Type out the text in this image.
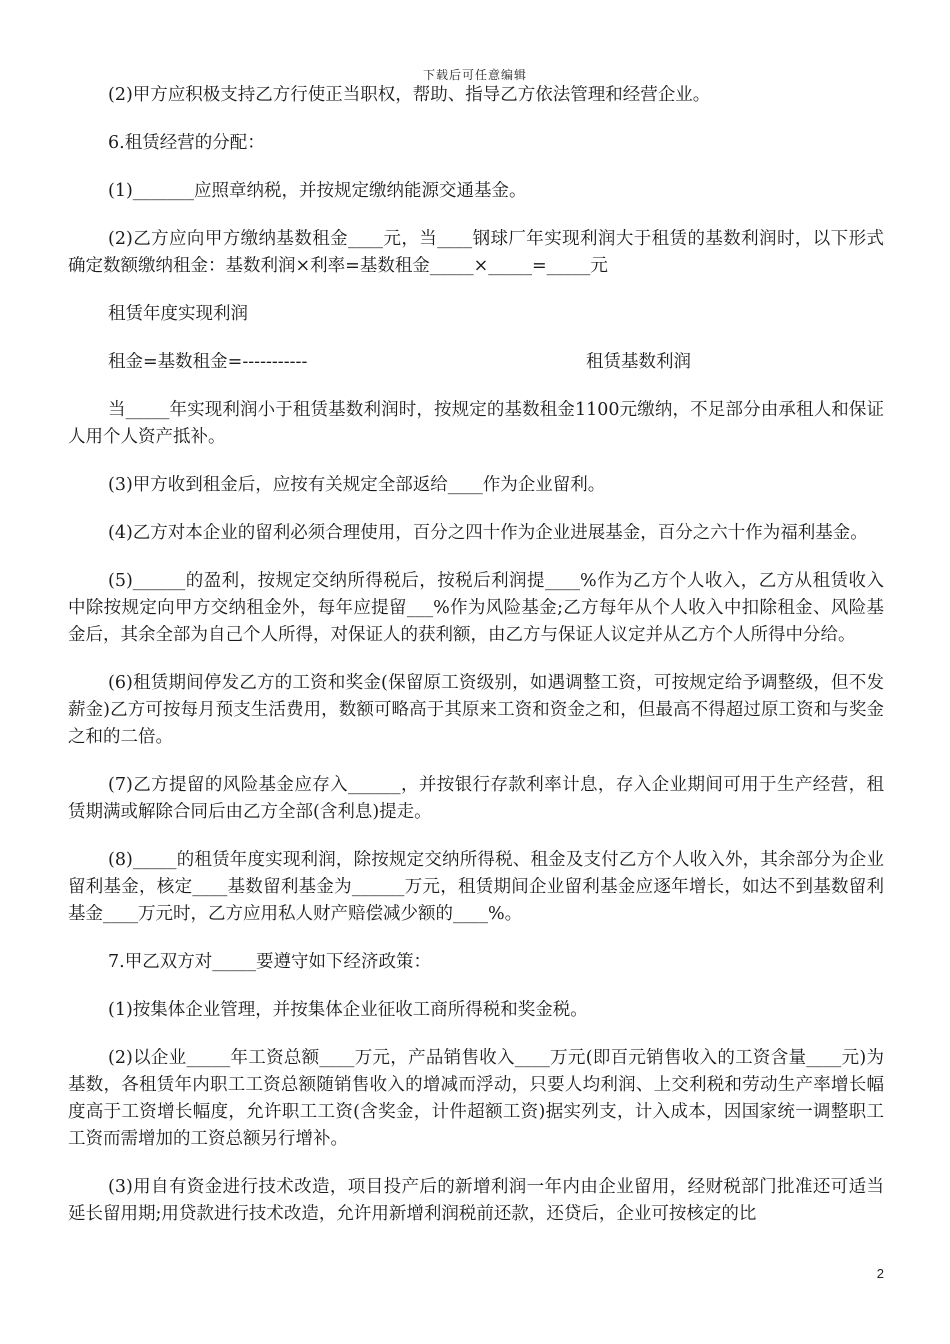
下载后可任意编辑

(2)甲方应积极支持乙方行使正当职权，帮助、指导乙方依法管理和经营企业。

6.租赁经营的分配：

(1)_______应照章纳税，并按规定缴纳能源交通基金。

(2)乙方应向甲方缴纳基数租金____元，当____钢球厂年实现利润大于租赁的基数利润时，以下形式确定数额缴纳租金：基数利润×利率=基数租金_____×_____=_____元

租赁年度实现利润

租金=基数租金=-----------	租赁基数利润

当_____年实现利润小于租赁基数利润时，按规定的基数租金1100元缴纳，不足部分由承租人和保证人用个人资产抵补。

(3)甲方收到租金后，应按有关规定全部返给____作为企业留利。

(4)乙方对本企业的留利必须合理使用，百分之四十作为企业进展基金，百分之六十作为福利基金。

(5)______的盈利，按规定交纳所得税后，按税后利润提____%作为乙方个人收入，乙方从租赁收入中除按规定向甲方交纳租金外，每年应提留___%作为风险基金;乙方每年从个人收入中扣除租金、风险基金后，其余全部为自己个人所得，对保证人的获利额，由乙方与保证人议定并从乙方个人所得中分给。

(6)租赁期间停发乙方的工资和奖金(保留原工资级别，如遇调整工资，可按规定给予调整级，但不发薪金)乙方可按每月预支生活费用，数额可略高于其原来工资和资金之和，但最高不得超过原工资和与奖金之和的二倍。

(7)乙方提留的风险基金应存入______，并按银行存款利率计息，存入企业期间可用于生产经营，租赁期满或解除合同后由乙方全部(含利息)提走。

(8)_____的租赁年度实现利润，除按规定交纳所得税、租金及支付乙方个人收入外，其余部分为企业留利基金，核定____基数留利基金为______万元，租赁期间企业留利基金应逐年增长，如达不到基数留利基金____万元时，乙方应用私人财产赔偿减少额的____%。

7.甲乙双方对_____要遵守如下经济政策：

(1)按集体企业管理，并按集体企业征收工商所得税和奖金税。

(2)以企业_____年工资总额____万元，产品销售收入____万元(即百元销售收入的工资含量____元)为基数，各租赁年内职工工资总额随销售收入的增减而浮动，只要人均利润、上交利税和劳动生产率增长幅度高于工资增长幅度，允许职工工资(含奖金，计件超额工资)据实列支，计入成本，因国家统一调整职工工资而需增加的工资总额另行增补。

(3)用自有资金进行技术改造，项目投产后的新增利润一年内由企业留用，经财税部门批准还可适当延长留用期;用贷款进行技术改造，允许用新增利润税前还款，还贷后，企业可按核定的比

2
